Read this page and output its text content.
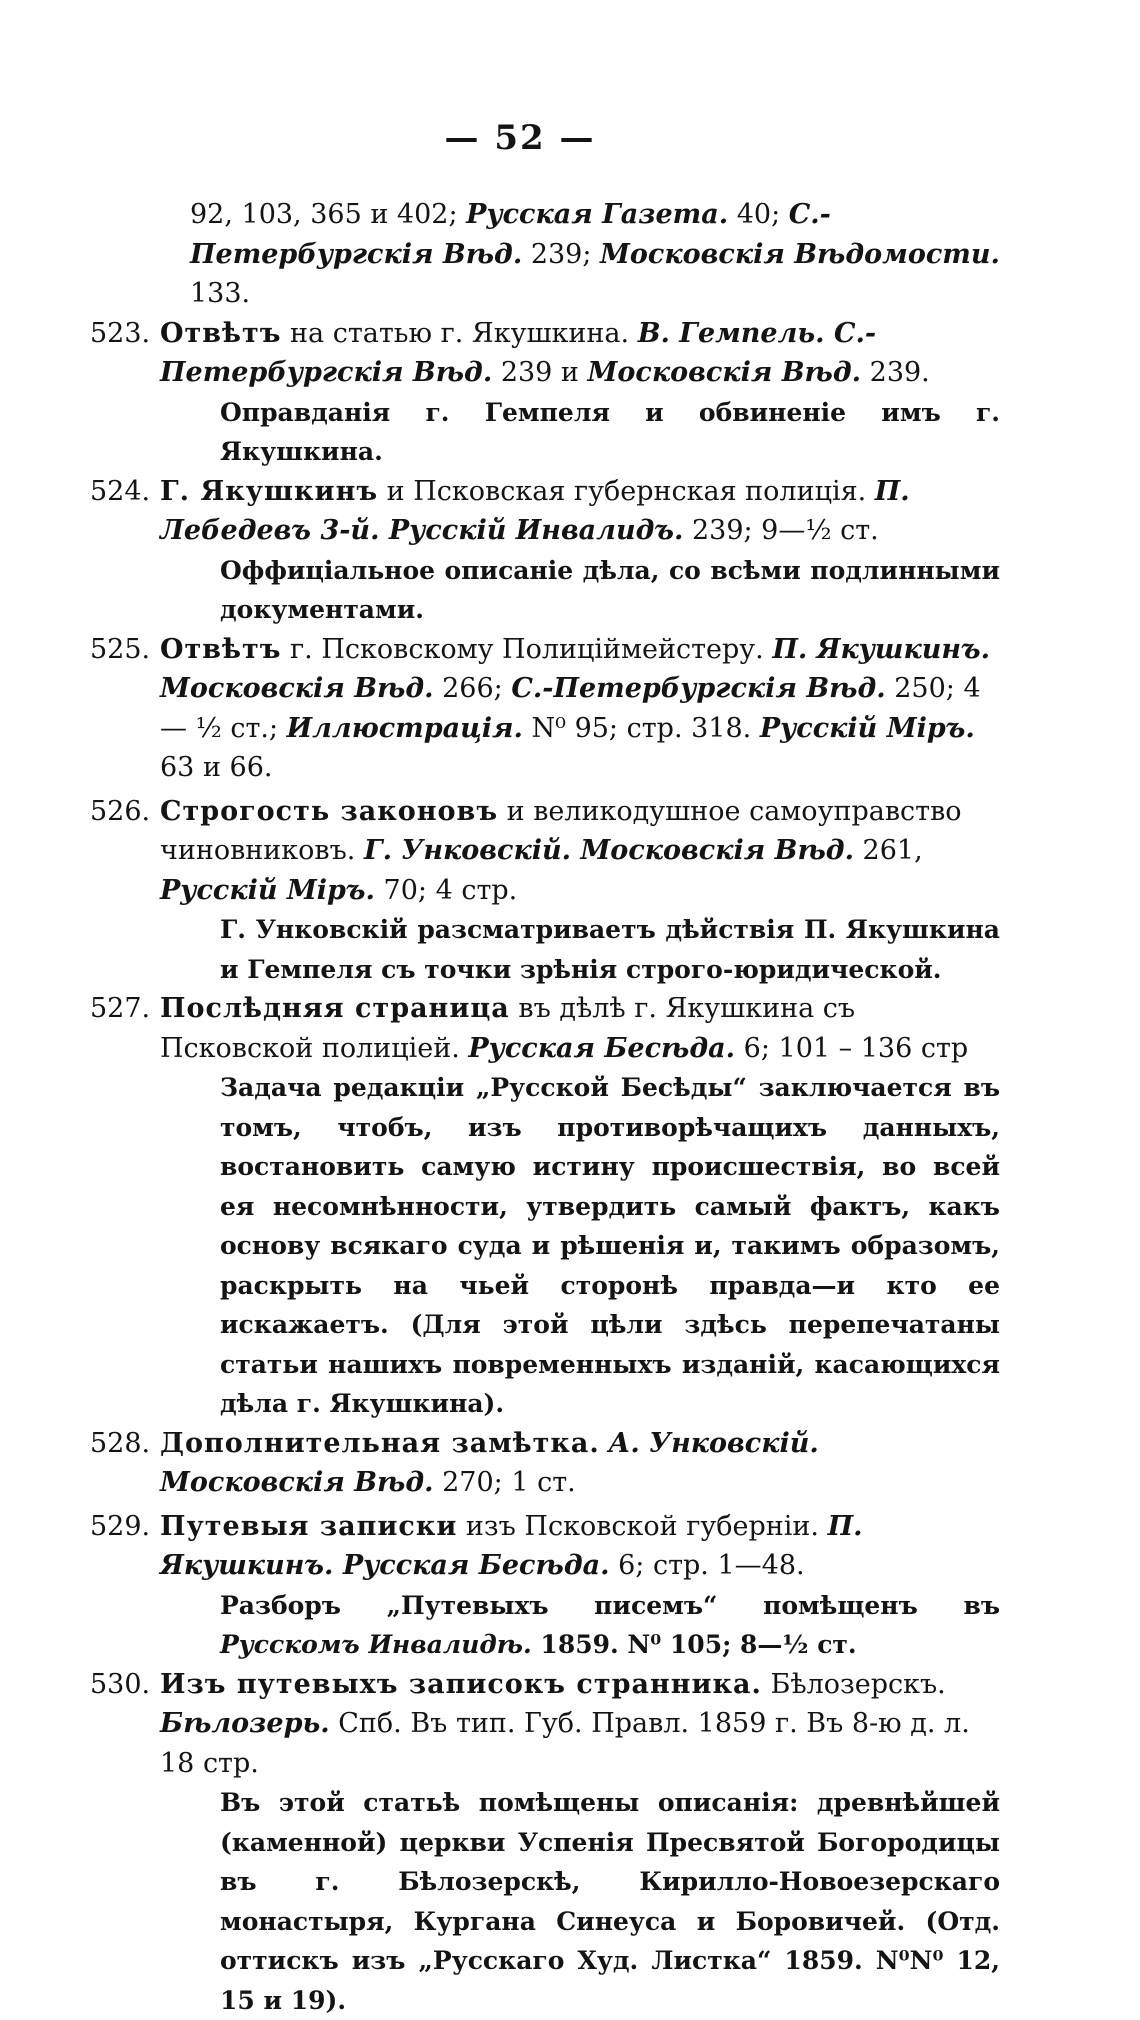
— 52 —
92, 103, 365 и 402; Русская Газета. 40; С.-Петербургскія Вѣд. 239; Московскія Вѣдомости. 133.
523. Отвѣтъ на статью г. Якушкина. В. Гемпель. С.-Петербургскія Вѣд. 239 и Московскія Вѣд. 239.
Оправданія г. Гемпеля и обвиненіе имъ г. Якушкина.
524. Г. Якушкинъ и Псковская губернская полиція. П. Лебедевъ 3-й. Русскій Инвалидъ. 239; 9—½ ст.
Оффиціальное описаніе дѣла, со всѣми подлинными документами.
525. Отвѣтъ г. Псковскому Полиціймейстеру. П. Якушкинъ. Московскія Вѣд. 266; С.-Петербургскія Вѣд. 250; 4 — ½ ст.; Иллюстрація. N⁰ 95; стр. 318. Русскій Міръ. 63 и 66.
526. Строгость законовъ и великодушное самоуправство чиновниковъ. Г. Унковскій. Московскія Вѣд. 261, Русскій Міръ. 70; 4 стр.
Г. Унковскій разсматриваетъ дѣйствія П. Якушкина и Гемпеля съ точки зрѣнія строго-юридической.
527. Послѣдняя страница въ дѣлѣ г. Якушкина съ Псковской полиціей. Русская Бесѣда. 6; 101 – 136 стр
Задача редакціи „Русской Бесѣды“ заключается въ томъ, чтобъ, изъ противорѣчащихъ данныхъ, востановить самую истину происшествія, во всей ея несомнѣнности, утвердить самый фактъ, какъ основу всякаго суда и рѣшенія и, такимъ образомъ, раскрыть на чьей сторонѣ правда—и кто ее искажаетъ. (Для этой цѣли здѣсь перепечатаны статьи нашихъ повременныхъ изданій, касающихся дѣла г. Якушкина).
528. Дополнительная замѣтка. А. Унковскій. Московскія Вѣд. 270; 1 ст.
529. Путевыя записки изъ Псковской губерніи. П. Якушкинъ. Русская Бесѣда. 6; стр. 1—48.
Разборъ „Путевыхъ писемъ“ помѣщенъ въ Русскомъ Инвалидѣ. 1859. N⁰ 105; 8—½ ст.
530. Изъ путевыхъ записокъ странника. Бѣлозерскъ. Бѣлозерь. Спб. Въ тип. Губ. Правл. 1859 г. Въ 8-ю д. л. 18 стр.
Въ этой статьѣ помѣщены описанія: древнѣйшей (каменной) церкви Успенія Пресвятой Богородицы въ г. Бѣлозерскѣ, Кирилло-Новоезерскаго монастыря, Кургана Синеуса и Боровичей. (Отд. оттискъ изъ „Русскаго Худ. Листка“ 1859. N⁰N⁰ 12, 15 и 19).
